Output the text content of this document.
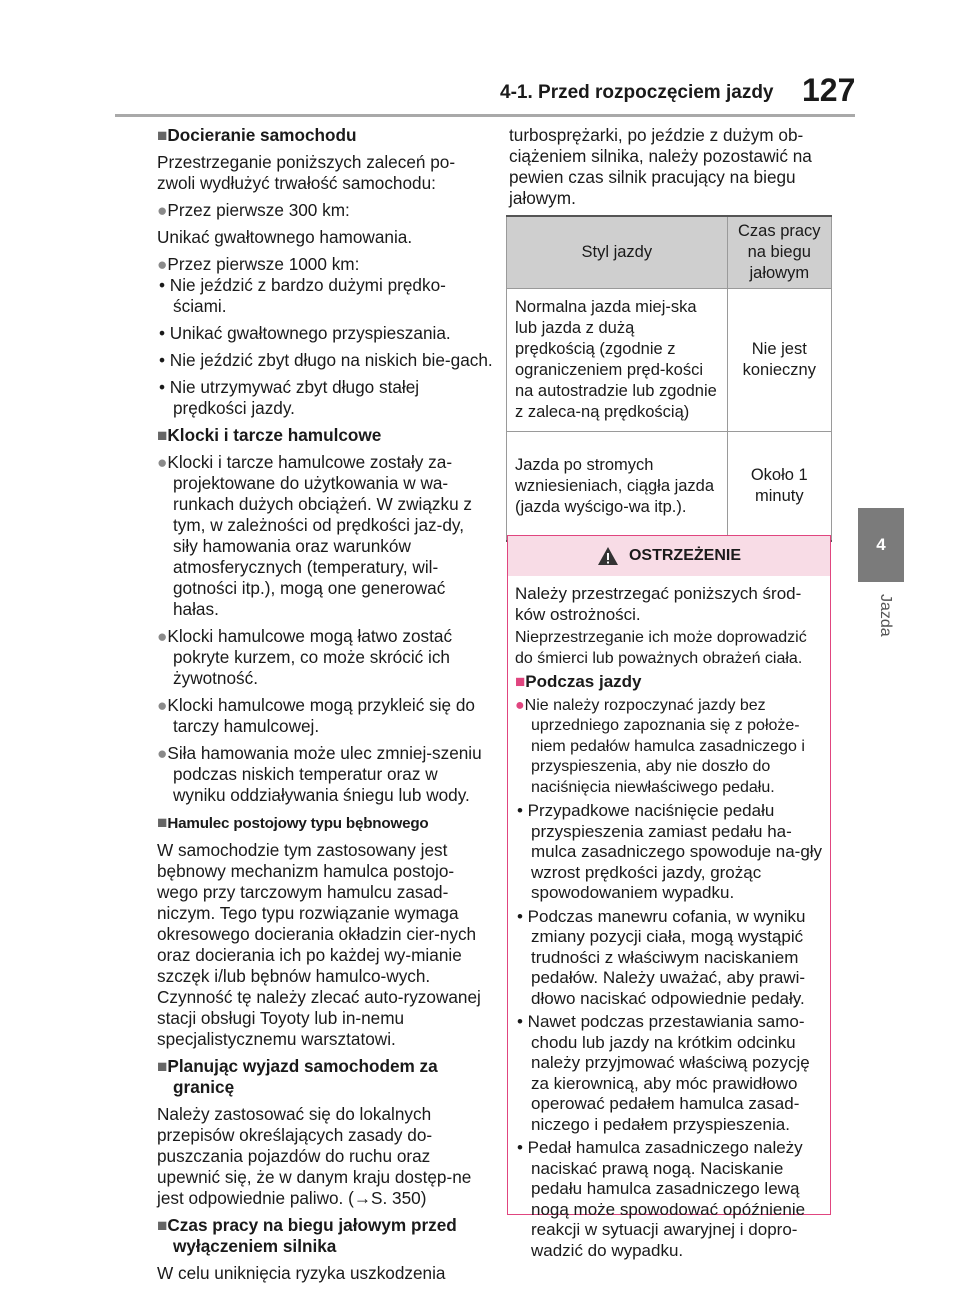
4-1. Przed rozpoczęciem jazdy 127
4
Jazda

■Docieranie samochodu

Przestrzeganie poniższych zaleceń po-zwoli wydłużyć trwałość samochodu:

●Przez pierwsze 300 km:

Unikać gwałtownego hamowania.

●Przez pierwsze 1000 km:

• Nie jeździć z bardzo dużymi prędko-ściami.

• Unikać gwałtownego przyspieszania.

• Nie jeździć zbyt długo na niskich bie-gach.

• Nie utrzymywać zbyt długo stałej prędkości jazdy.

■Klocki i tarcze hamulcowe

●Klocki i tarcze hamulcowe zostały za-projektowane do użytkowania w wa-runkach dużych obciążeń. W związku z tym, w zależności od prędkości jaz-dy, siły hamowania oraz warunków atmosferycznych (temperatury, wil-gotności itp.), mogą one generować hałas.

●Klocki hamulcowe mogą łatwo zostać pokryte kurzem, co może skrócić ich żywotność.

●Klocki hamulcowe mogą przykleić się do tarczy hamulcowej.

●Siła hamowania może ulec zmniej-szeniu podczas niskich temperatur oraz w wyniku oddziaływania śniegu lub wody.

■Hamulec postojowy typu bębnowego

W samochodzie tym zastosowany jest bębnowy mechanizm hamulca postojo-wego przy tarczowym hamulcu zasad-niczym. Tego typu rozwiązanie wymaga okresowego docierania okładzin cier-nych oraz docierania ich po każdej wy-mianie szczęk i/lub bębnów hamulco-wych. Czynność tę należy zlecać auto-ryzowanej stacji obsługi Toyoty lub in-nemu specjalistycznemu warsztatowi.

■Planując wyjazd samochodem za granicę

Należy zastosować się do lokalnych przepisów określających zasady do-puszczania pojazdów do ruchu oraz upewnić się, że w danym kraju dostęp-ne jest odpowiednie paliwo. (→S. 350)

■Czas pracy na biegu jałowym przed wyłączeniem silnika

W celu uniknięcia ryzyka uszkodzenia

turbosprężarki, po jeździe z dużym ob-ciążeniem silnika, należy pozostawić na pewien czas silnik pracujący na biegu jałowym.

Styl jazdy	Czas pracy na biegu jałowym
Normalna jazda miej-ska lub jazda z dużą prędkością (zgodnie z ograniczeniem pręd-kości na autostradzie lub zgodnie z zaleca-ną prędkością)	Nie jest konieczny
Jazda po stromych wzniesieniach, ciągła jazda (jazda wyścigo-wa itp.).	Około 1 minuty
OSTRZEŻENIE

Należy przestrzegać poniższych środ-ków ostrożności.

Nieprzestrzeganie ich może doprowadzić do śmierci lub poważnych obrażeń ciała.

■Podczas jazdy

●Nie należy rozpoczynać jazdy bez uprzedniego zapoznania się z położe-niem pedałów hamulca zasadniczego i przyspieszenia, aby nie doszło do naciśnięcia niewłaściwego pedału.

• Przypadkowe naciśnięcie pedału przyspieszenia zamiast pedału ha-mulca zasadniczego spowoduje na-gły wzrost prędkości jazdy, grożąc spowodowaniem wypadku.

• Podczas manewru cofania, w wyniku zmiany pozycji ciała, mogą wystąpić trudności z właściwym naciskaniem pedałów. Należy uważać, aby prawi-dłowo naciskać odpowiednie pedały.

• Nawet podczas przestawiania samo-chodu lub jazdy na krótkim odcinku należy przyjmować właściwą pozycję za kierownicą, aby móc prawidłowo operować pedałem hamulca zasad-niczego i pedałem przyspieszenia.

• Pedał hamulca zasadniczego należy naciskać prawą nogą. Naciskanie pedału hamulca zasadniczego lewą nogą może spowodować opóźnienie reakcji w sytuacji awaryjnej i dopro-wadzić do wypadku.
